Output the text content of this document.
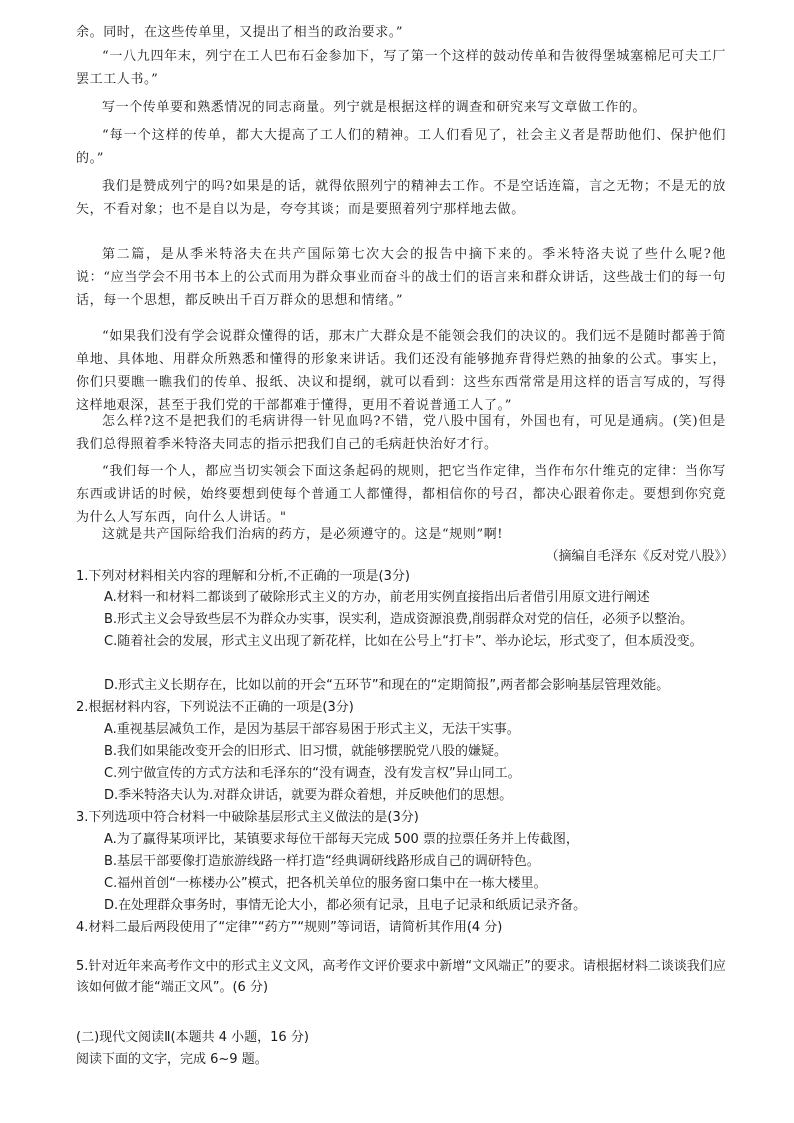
余。同时，在这些传单里，又提出了相当的政治要求。”

“一八九四年末，列宁在工人巴布石金参加下，写了第一个这样的鼓动传单和告彼得堡城塞棉尼可夫工厂罢工工人书。”

写一个传单要和熟悉情况的同志商量。列宁就是根据这样的调查和研究来写文章做工作的。

“每一个这样的传单，都大大提高了工人们的精神。工人们看见了，社会主义者是帮助他们、保护他们的。”

我们是赞成列宁的吗?如果是的话，就得依照列宁的精神去工作。不是空话连篇，言之无物；不是无的放矢，不看对象；也不是自以为是，夸夸其谈；而是要照着列宁那样地去做。

第二篇，是从季米特洛夫在共产国际第七次大会的报告中摘下来的。季米特洛夫说了些什么呢?他说：“应当学会不用书本上的公式而用为群众事业而奋斗的战士们的语言来和群众讲话，这些战士们的每一句话，每一个思想，都反映出千百万群众的思想和情绪。”

“如果我们没有学会说群众懂得的话，那末广大群众是不能领会我们的决议的。我们远不是随时都善于简单地、具体地、用群众所熟悉和懂得的形象来讲话。我们还没有能够抛弃背得烂熟的抽象的公式。事实上，你们只要瞧一瞧我们的传单、报纸、决议和提纲，就可以看到：这些东西常常是用这样的语言写成的，写得这样地艰深，甚至于我们党的干部都难于懂得，更用不着说普通工人了。”

怎么样?这不是把我们的毛病讲得一针见血吗?不错，党八股中国有，外国也有，可见是通病。(笑)但是我们总得照着季米特洛夫同志的指示把我们自己的毛病赶快治好才行。

“我们每一个人，都应当切实领会下面这条起码的规则，把它当作定律，当作布尔什维克的定律：当你写东西或讲话的时候，始终要想到使每个普通工人都懂得，都相信你的号召，都决心跟着你走。要想到你究竟为什么人写东西，向什么人讲话。"

这就是共产国际给我们治病的药方，是必须遵守的。这是“规则”啊!

（摘编自毛泽东《反对党八股》）

1.下列对材料相关内容的理解和分析,不正确的一项是(3分)

A.材料一和材料二都谈到了破除形式主义的方办，前老用实例直接指出后者借引用原文进行阐述

B.形式主义会导致些层不为群众办实事，误实利，造成资源浪费,削弱群众对党的信任，必须予以整治。

C.随着社会的发展，形式主义出现了新花样，比如在公号上“打卡”、举办论坛，形式变了，但本质没变。

D.形式主义长期存在，比如以前的开会“五环节”和现在的“定期简报”,两者都会影响基层管理效能。

2.根据材料内容，下列说法不正确的一项是(3分)

A.重视基层减负工作，是因为基层干部容易困于形式主义，无法干实事。

B.我们如果能改变开会的旧形式、旧习惯，就能够摆脱党八股的嫌疑。

C.列宁做宣传的方式方法和毛泽东的“没有调查，没有发言权”异山同工。

D.季米特洛夫认为.对群众讲话，就要为群众着想，并反映他们的思想。

3.下列选项中符合材料一中破除基层形式主义做法的是(3分)

A.为了赢得某项评比，某镇要求每位干部每天完成 500 票的拉票任务并上传截图，

B.基层干部要像打造旅游线路一样打造“经典调研线路形成自己的调研特色。

C.福州首创“一栋楼办公”模式，把各机关单位的服务窗口集中在一栋大楼里。

D.在处理群众事务时，事情无论大小，都必须有记录，且电子记录和纸质记录齐备。

4.材料二最后两段使用了“定律”“药方”“规则”等词语，请简析其作用(4 分)

5.针对近年来高考作文中的形式主义文风，高考作文评价要求中新增“文风端正”的要求。请根据材料二谈谈我们应该如何做才能“端正文风”。(6 分)

(二)现代文阅读Ⅱ(本题共 4 小题，16 分)

阅读下面的文字，完成 6~9 题。
